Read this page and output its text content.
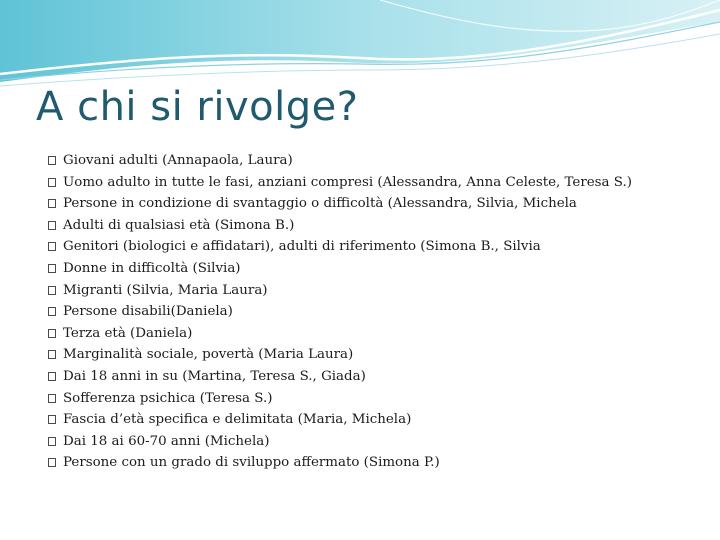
A chi si rivolge?
Giovani adulti (Annapaola, Laura)
Uomo adulto in tutte le fasi, anziani compresi (Alessandra, Anna Celeste, Teresa S.)
Persone in condizione di svantaggio o difficoltà (Alessandra, Silvia, Michela
Adulti di qualsiasi età (Simona B.)
Genitori (biologici e affidatari), adulti di riferimento (Simona B., Silvia
Donne in difficoltà (Silvia)
Migranti (Silvia, Maria Laura)
Persone disabili(Daniela)
Terza età (Daniela)
Marginalità sociale, povertà (Maria Laura)
Dai 18 anni in su (Martina, Teresa S., Giada)
Sofferenza psichica (Teresa S.)
Fascia d’età specifica e delimitata (Maria, Michela)
Dai 18 ai 60-70 anni (Michela)
Persone con un grado di sviluppo affermato (Simona P.)
